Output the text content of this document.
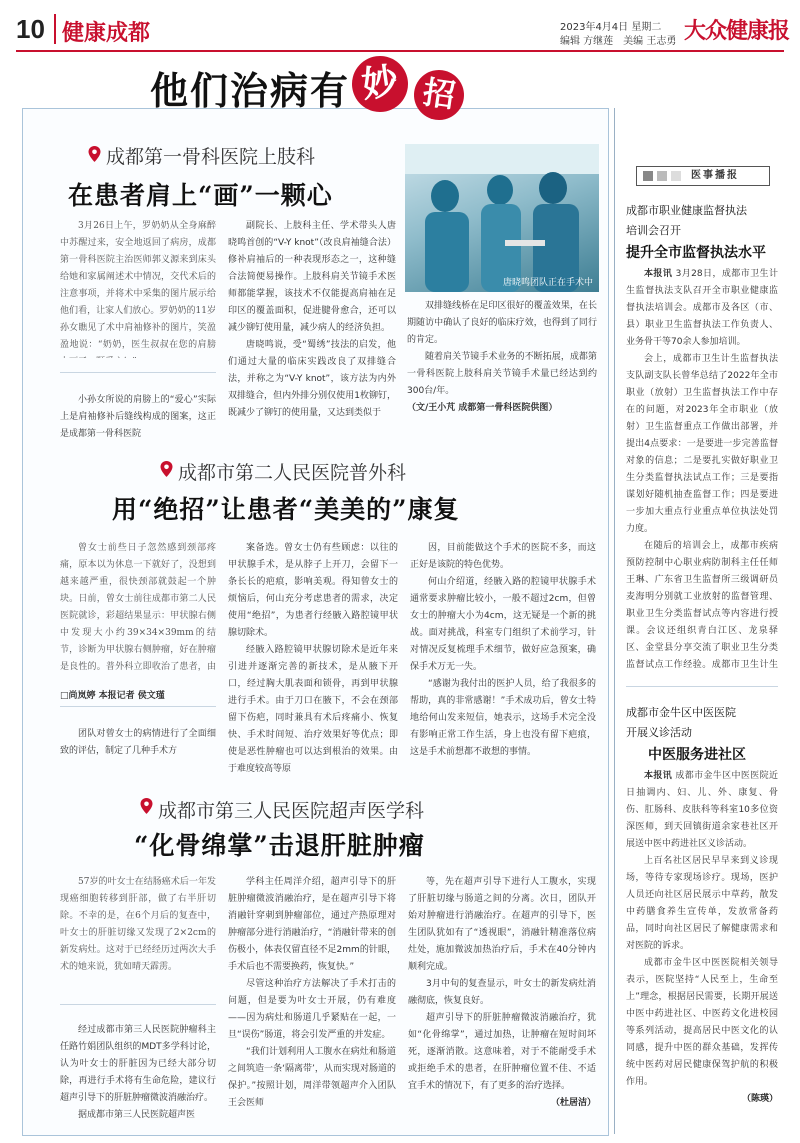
10 健康成都	2023年4月4日 星期二
编辑 方继莲　美编 王志勇 大众健康报
他们治病有 妙 招
成都第一骨科医院上肢科
在患者肩上“画”一颗心
唐晓鸣团队正在手术中

3月26日上午，罗奶奶从全身麻醉中苏醒过来，安全地返回了病房，成都第一骨科医院主治医师郭义源来到床头给她和家属阐述术中情况，交代术后的注意事项，并将术中采集的图片展示给他们看，让家人们放心。罗奶奶的11岁孙女瞧见了术中肩袖修补的图片，笑盈盈地说：“奶奶，医生叔叔在您的肩膀

小孙女所说的肩膀上的“爱心”实际上是肩袖修补后缝线构成的图案，这正是成都第一骨科医院

副院长、上肢科主任、学术带头人唐晓鸣首创的“V-Y knot”（改良肩袖缝合法）修补肩袖后的一种表现形态之一，这种缝合法简便易操作。上肢科肩关节镜手术医师都能掌握，该技术不仅能提高肩袖在足印区的覆盖面积，促进腱骨愈合，还可以减少铆钉使用量，减少病人的经济负担。

唐晓鸣说，受“蜀绣”技法的启发，他们通过大量的临床实践改良了双排缝合法，并称之为“V-Y knot”，该方法为内外双排缝合，但内外排分别仅使用1枚铆钉，既减少了铆钉的使用量，又达到类似于

双排缝线桥在足印区很好的覆盖效果，在长期随访中确认了良好的临床疗效，也得到了同行的肯定。

随着肩关节镜手术业务的不断拓展，成都第一骨科医院上肢科肩关节镜手术量已经达到约300台/年。

（文/王小芃 成都第一骨科医院供图）
成都市第二人民医院普外科
用“绝招”让患者“美美的”康复

曾女士前些日子忽然感到颈部疼痛，原本以为休息一下就好了，没想到越来越严重，很快颈部就鼓起一个肿块。日前，曾女士前往成都市第二人民医院就诊，彩超结果显示：甲状腺右侧中发现大小约39×34×39mm的结节，诊断为甲状腺右侧肿瘤，好在肿瘤是良性的。普外科立即收治了患者，由

□尚岚婷 本报记者 侯文瑾

团队对曾女士的病情进行了全面细致的评估，制定了几种手术方

案备选。曾女士仍有些顾虑：以往的甲状腺手术，是从脖子上开刀，会留下一条长长的疤痕，影响美观。得知曾女士的烦恼后，何山充分考虑患者的需求，决定使用“绝招”，为患者行经腋入路腔镜甲状腺切除术。

经腋入路腔镜甲状腺切除术是近年来引进并逐渐完善的新技术，是从腋下开口，经过胸大肌表面和锁骨，再到甲状腺进行手术。由于刀口在腋下，不会在颈部留下伤疤，同时兼具有术后疼痛小、恢复快、手术时间短、治疗效果好等优点；即使是恶性肿瘤也可以达到根治的效果。由于难度较高等原

因，目前能做这个手术的医院不多，而这正好是该院的特色优势。

何山介绍道，经腋入路的腔镜甲状腺手术通常要求肿瘤比较小，一般不超过2cm，但曾女士的肿瘤大小为4cm，这无疑是一个新的挑战。面对挑战，科室专门组织了术前学习，针对情况反复梳理手术细节，做好应急预案，确保手术万无一失。

“感谢为我付出的医护人员，给了我很多的帮助，真的非常感谢！”手术成功后，曾女士特地给何山发来短信，她表示，这场手术完全没有影响正常工作生活，身上也没有留下疤痕，这是手术前想都不敢想的事情。

成都市第三人民医院超声医学科
“化骨绵掌”击退肝脏肿瘤

57岁的叶女士在结肠癌术后一年发现癌细胞转移到肝部，做了右半肝切除。不幸的是，在6个月后的复查中，叶女士的肝脏切缘又发现了2×2cm的新发病灶。这对于已经经历过两次大手术的她来说，犹如晴天霹雳。

经过成都市第三人民医院肿瘤科主任路竹娟团队组织的MDT多学科讨论，认为叶女士的肝脏因为已经大部分切除，再进行手术将有生命危险，建议行超声引导下的肝脏肿瘤微波消融治疗。

据成都市第三人民医院超声医

学科主任周洋介绍，超声引导下的肝脏肿瘤微波消融治疗，是在超声引导下将消融针穿刺到肿瘤部位，通过产热原理对肿瘤部分进行消融治疗，“消融针带来的创伤极小，体表仅留直径不足2mm的针眼，手术后也不需要换药，恢复快。”

尽管这种治疗方法解决了手术打击的问题，但是要为叶女士开展，仍有难度——因为病灶和肠道几乎紧贴在一起，一旦“误伤”肠道，将会引发严重的并发症。

“我们计划利用人工腹水在病灶和肠道之间筑造一条‘隔离带’，从而实现对肠道的保护。”按照计划，周洋带领超声介入团队王会医师

等，先在超声引导下进行人工腹水，实现了肝脏切缘与肠道之间的分离。次日，团队开始对肿瘤进行消融治疗。在超声的引导下，医生团队犹如有了“透视眼”，消融针精准落位病灶处，施加微波加热治疗后，手术在40分钟内顺利完成。

3月中旬的复查显示，叶女士的新发病灶消融彻底，恢复良好。

超声引导下的肝脏肿瘤微波消融治疗，犹如“化骨绵掌”，通过加热，让肿瘤在短时间坏死，逐渐消散。这意味着，对于不能耐受手术或拒绝手术的患者，在肝肿瘤位置不佳、不适宜手术的情况下，有了更多的治疗选择。

（杜居洁）
医事播报
成都市职业健康监督执法
培训会召开
提升全市监督执法水平

本报讯 3月28日，成都市卫生计生监督执法支队召开全市职业健康监督执法培训会。成都市及各区（市、县）职业卫生监督执法工作负责人、业务骨干等70余人参加培训。

会上，成都市卫生计生监督执法支队副支队长曾华总结了2022年全市职业（放射）卫生监督执法工作中存在的问题，对2023年全市职业（放射）卫生监督重点工作做出部署，并提出4点要求：一是要进一步完善监督对象的信息；二是要扎实做好职业卫生分类监督执法试点工作；三是要指谋划好随机抽查监督工作；四是要进一步加大重点行业重点单位执法处罚力度。

在随后的培训会上，成都市疾病预防控制中心职业病防制科主任任师王琳、广东省卫生监督所三级调研员麦海明分别就工业放射的监督管理、职业卫生分类监督试点等内容进行授课。会议还组织青白江区、龙泉驿区、金堂县分享交流了职业卫生分类监督试点工作经验。成都市卫生计生

成都市金牛区中医医院
开展义诊活动
中医服务进社区

本报讯 成都市金牛区中医医院近日抽调内、妇、儿、外、康复、骨伤、肛肠科、皮肤科等科室10多位资深医师，到天回镇街道余家巷社区开展送中医中药进社区义诊活动。

上百名社区居民早早来到义诊现场，等待专家现场诊疗。现场，医护人员还向社区居民展示中草药，散发中药膳食养生宣传单，发放常备药品，同时向社区居民了解健康需求和对医院的诉求。

成都市金牛区中医医院相关领导表示，医院坚持“人民至上，生命至上”理念，根据居民需要，长期开展送中医中药进社区、中医药文化进校园等系列活动，提高居民中医文化的认同感，提升中医的群众基础，发挥传统中医药对居民健康保驾护航的积极作用。

（陈瑛）
